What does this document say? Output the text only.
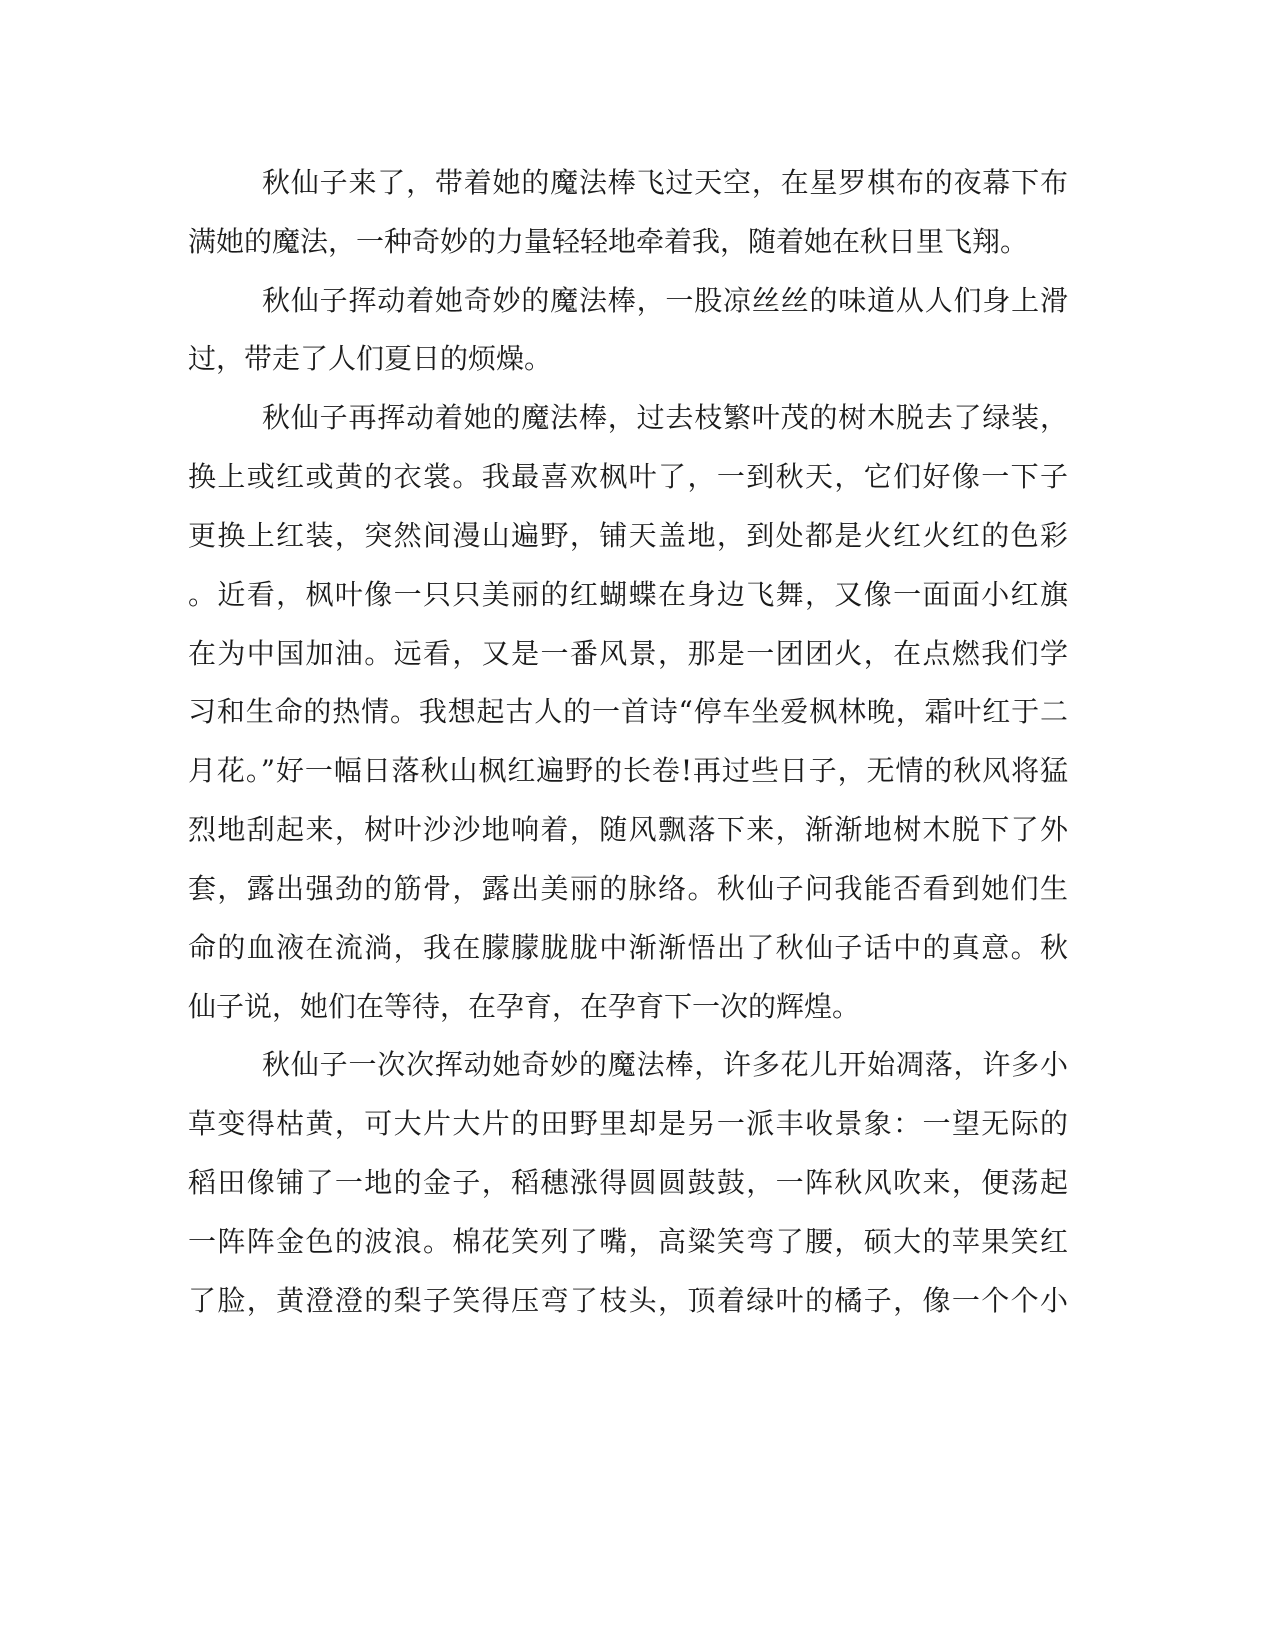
秋仙子来了，带着她的魔法棒飞过天空，在星罗棋布的夜幕下布

满她的魔法，一种奇妙的力量轻轻地牵着我，随着她在秋日里飞翔。

秋仙子挥动着她奇妙的魔法棒，一股凉丝丝的味道从人们身上滑

过，带走了人们夏日的烦燥。

秋仙子再挥动着她的魔法棒，过去枝繁叶茂的树木脱去了绿装，

换上或红或黄的衣裳。我最喜欢枫叶了，一到秋天，它们好像一下子

更换上红装，突然间漫山遍野，铺天盖地，到处都是火红火红的色彩

。近看，枫叶像一只只美丽的红蝴蝶在身边飞舞，又像一面面小红旗

在为中国加油。远看，又是一番风景，那是一团团火，在点燃我们学

习和生命的热情。我想起古人的一首诗“停车坐爱枫林晚，霜叶红于二

月花。”好一幅日落秋山枫红遍野的长卷!再过些日子，无情的秋风将猛

烈地刮起来，树叶沙沙地响着，随风飘落下来，渐渐地树木脱下了外

套，露出强劲的筋骨，露出美丽的脉络。秋仙子问我能否看到她们生

命的血液在流淌，我在朦朦胧胧中渐渐悟出了秋仙子话中的真意。秋

仙子说，她们在等待，在孕育，在孕育下一次的辉煌。

秋仙子一次次挥动她奇妙的魔法棒，许多花儿开始凋落，许多小

草变得枯黄，可大片大片的田野里却是另一派丰收景象：一望无际的

稻田像铺了一地的金子，稻穗涨得圆圆鼓鼓，一阵秋风吹来，便荡起

一阵阵金色的波浪。棉花笑列了嘴，高粱笑弯了腰，硕大的苹果笑红

了脸，黄澄澄的梨子笑得压弯了枝头，顶着绿叶的橘子，像一个个小
